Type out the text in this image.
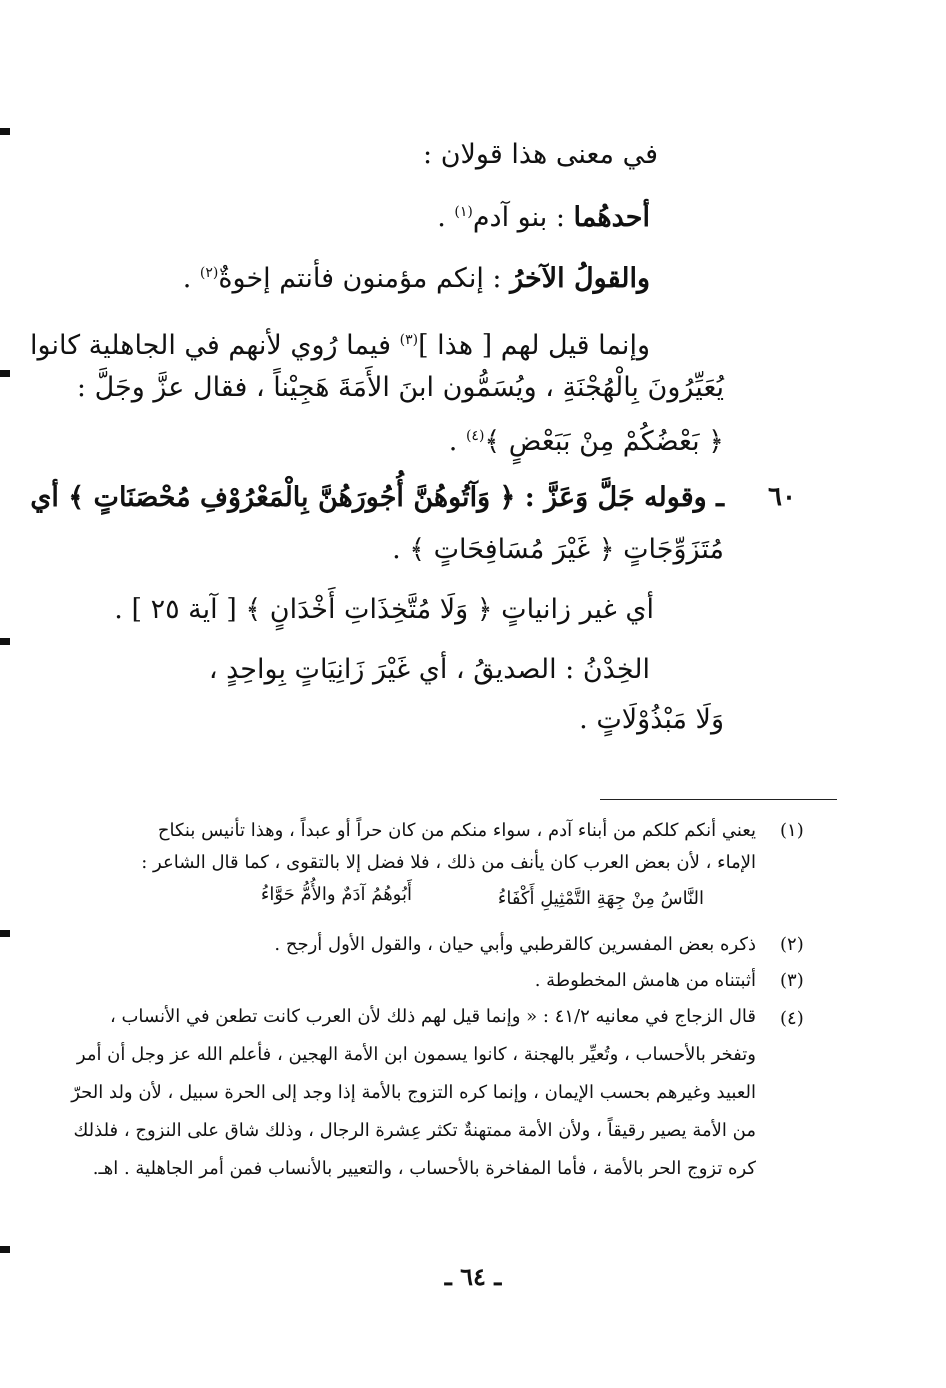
في معنى هذا قولان :
أحدهُما : بنو آدم$^{(١)}$ .
والقولُ الآخرُ : إنكم مؤمنون فأنتم إخوةٌ$^{(٢)}$ .
وإنما قيل لهم [ هذا ]$^{(٣)}$ فيما رُوي لأنهم في الجاهلية كانوا
يُعَيِّرُونَ بِالْهُجْنَةِ ، ويُسَمُّون ابنَ الأَمَةَ هَجِيْناً ، فقال عزَّ وجَلَّ :
﴿ بَعْضُكُمْ مِنْ بَبَعْضٍ ﴾$^{(٤)}$ .
٦٠
ـ وقوله جَلَّ وَعَزَّ : ﴿ وَآتُوهُنَّ أُجُورَهُنَّ بِالْمَعْرُوْفِ مُحْصَنَاتٍ ﴾ أي
مُتَزَوِّجَاتٍ ﴿ غَيْرَ مُسَافِحَاتٍ ﴾ .
أي غير زانياتٍ ﴿ وَلَا مُتَّخِذَاتِ أَخْدَانٍ ﴾ [ آية ٢٥ ] .
الخِدْنُ : الصديقُ ، أي غَيْرَ زَانِيَاتٍ بِواحِدٍ ،
وَلَا مَبْذُوْلَاتٍ .
(١)
يعني أنكم كلكم من أبناء آدم ، سواء منكم من كان حراً أو عبداً ، وهذا تأنيس بنكاح
الإماء ، لأن بعض العرب كان يأنف من ذلك ، فلا فضل إلا بالتقوى ، كما قال الشاعر :
النَّاسُ مِنْ جِهَةِ التَّمْثِيلِ أَكْفَاءُ
أَبُوهُمُ آدَمٌ والأُمُّ حَوَّاءُ
(٢)
ذكره بعض المفسرين كالقرطبي وأبي حيان ، والقول الأول أرجح .
(٣)
أثبتناه من هامش المخطوطة .
(٤)
قال الزجاج في معانيه ٤١/٢ : « وإنما قيل لهم ذلك لأن العرب كانت تطعن في الأنساب ،
وتفخر بالأحساب ، وتُعيِّر بالهجنة ، كانوا يسمون ابن الأمة الهجين ، فأعلم الله عز وجل أن أمر
العبيد وغيرهم بحسب الإيمان ، وإنما كره التزوج بالأمة إذا وجد إلى الحرة سبيل ، لأن ولد الحرّ
من الأمة يصير رقيقاً ، ولأن الأمة ممتهنةٌ تكثر عِشرة الرجال ، وذلك شاق على النزوج ، فلذلك
كره تزوج الحر بالأمة ، فأما المفاخرة بالأحساب ، والتعيير بالأنساب فمن أمر الجاهلية . اهـ.
ـ ٦٤ ـ
